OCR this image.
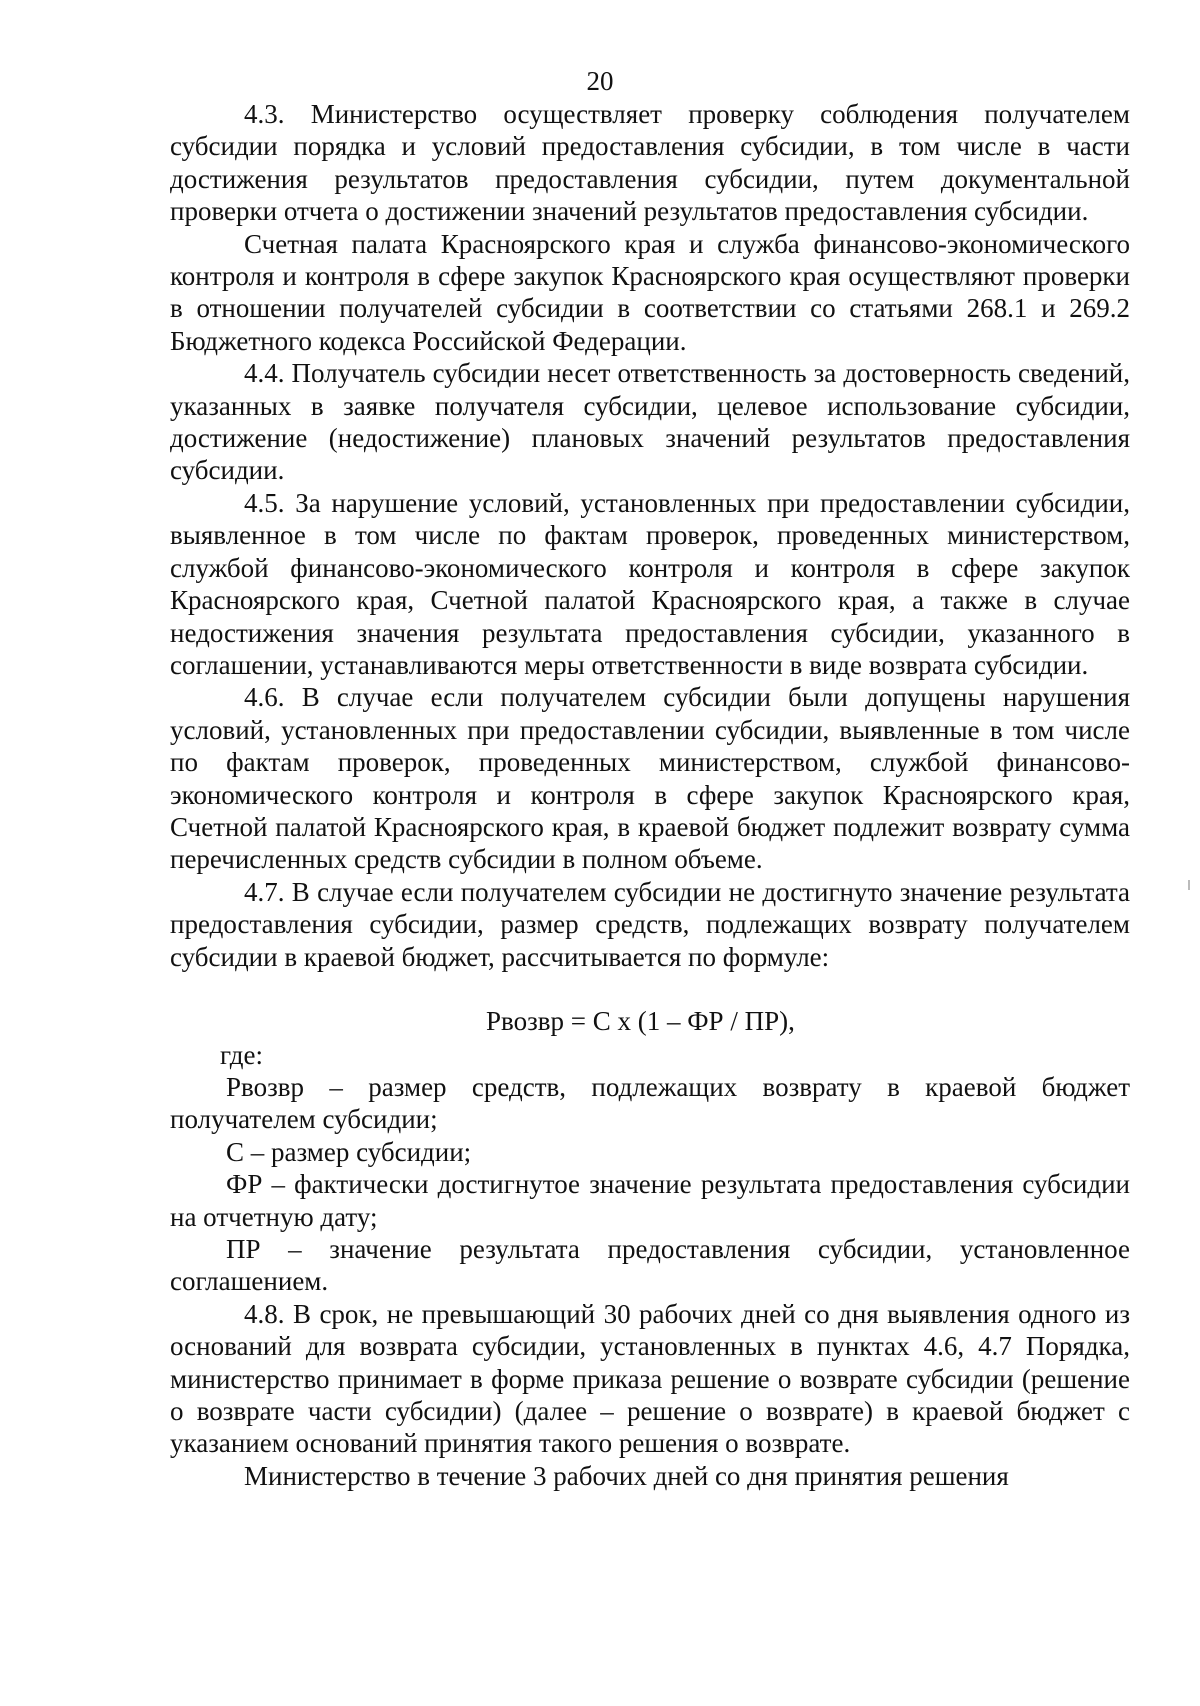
20

4.3. Министерство осуществляет проверку соблюдения получателем субсидии порядка и условий предоставления субсидии, в том числе в части достижения результатов предоставления субсидии, путем документальной проверки отчета о достижении значений результатов предоставления субсидии.

Счетная палата Красноярского края и служба финансово-экономического контроля и контроля в сфере закупок Красноярского края осуществляют проверки в отношении получателей субсидии в соответствии со статьями 268.1 и 269.2 Бюджетного кодекса Российской Федерации.

4.4. Получатель субсидии несет ответственность за достоверность сведений, указанных в заявке получателя субсидии, целевое использование субсидии, достижение (недостижение) плановых значений результатов предоставления субсидии.

4.5. За нарушение условий, установленных при предоставлении субсидии, выявленное в том числе по фактам проверок, проведенных министерством, службой финансово-экономического контроля и контроля в сфере закупок Красноярского края, Счетной палатой Красноярского края, а также в случае недостижения значения результата предоставления субсидии, указанного в соглашении, устанавливаются меры ответственности в виде возврата субсидии.

4.6. В случае если получателем субсидии были допущены нарушения условий, установленных при предоставлении субсидии, выявленные в том числе по фактам проверок, проведенных министерством, службой финансово-экономического контроля и контроля в сфере закупок Красноярского края, Счетной палатой Красноярского края, в краевой бюджет подлежит возврату сумма перечисленных средств субсидии в полном объеме.

4.7. В случае если получателем субсидии не достигнуто значение результата предоставления субсидии, размер средств, подлежащих возврату получателем субсидии в краевой бюджет, рассчитывается по формуле:

Рвозвр = С х (1 – ФР / ПР),

где:

Рвозвр – размер средств, подлежащих возврату в краевой бюджет получателем субсидии;

С – размер субсидии;

ФР – фактически достигнутое значение результата предоставления субсидии на отчетную дату;

ПР – значение результата предоставления субсидии, установленное соглашением.

4.8. В срок, не превышающий 30 рабочих дней со дня выявления одного из оснований для возврата субсидии, установленных в пунктах 4.6, 4.7 Порядка, министерство принимает в форме приказа решение о возврате субсидии (решение о возврате части субсидии) (далее – решение о возврате) в краевой бюджет с указанием оснований принятия такого решения о возврате.

Министерство в течение 3 рабочих дней со дня принятия решения
